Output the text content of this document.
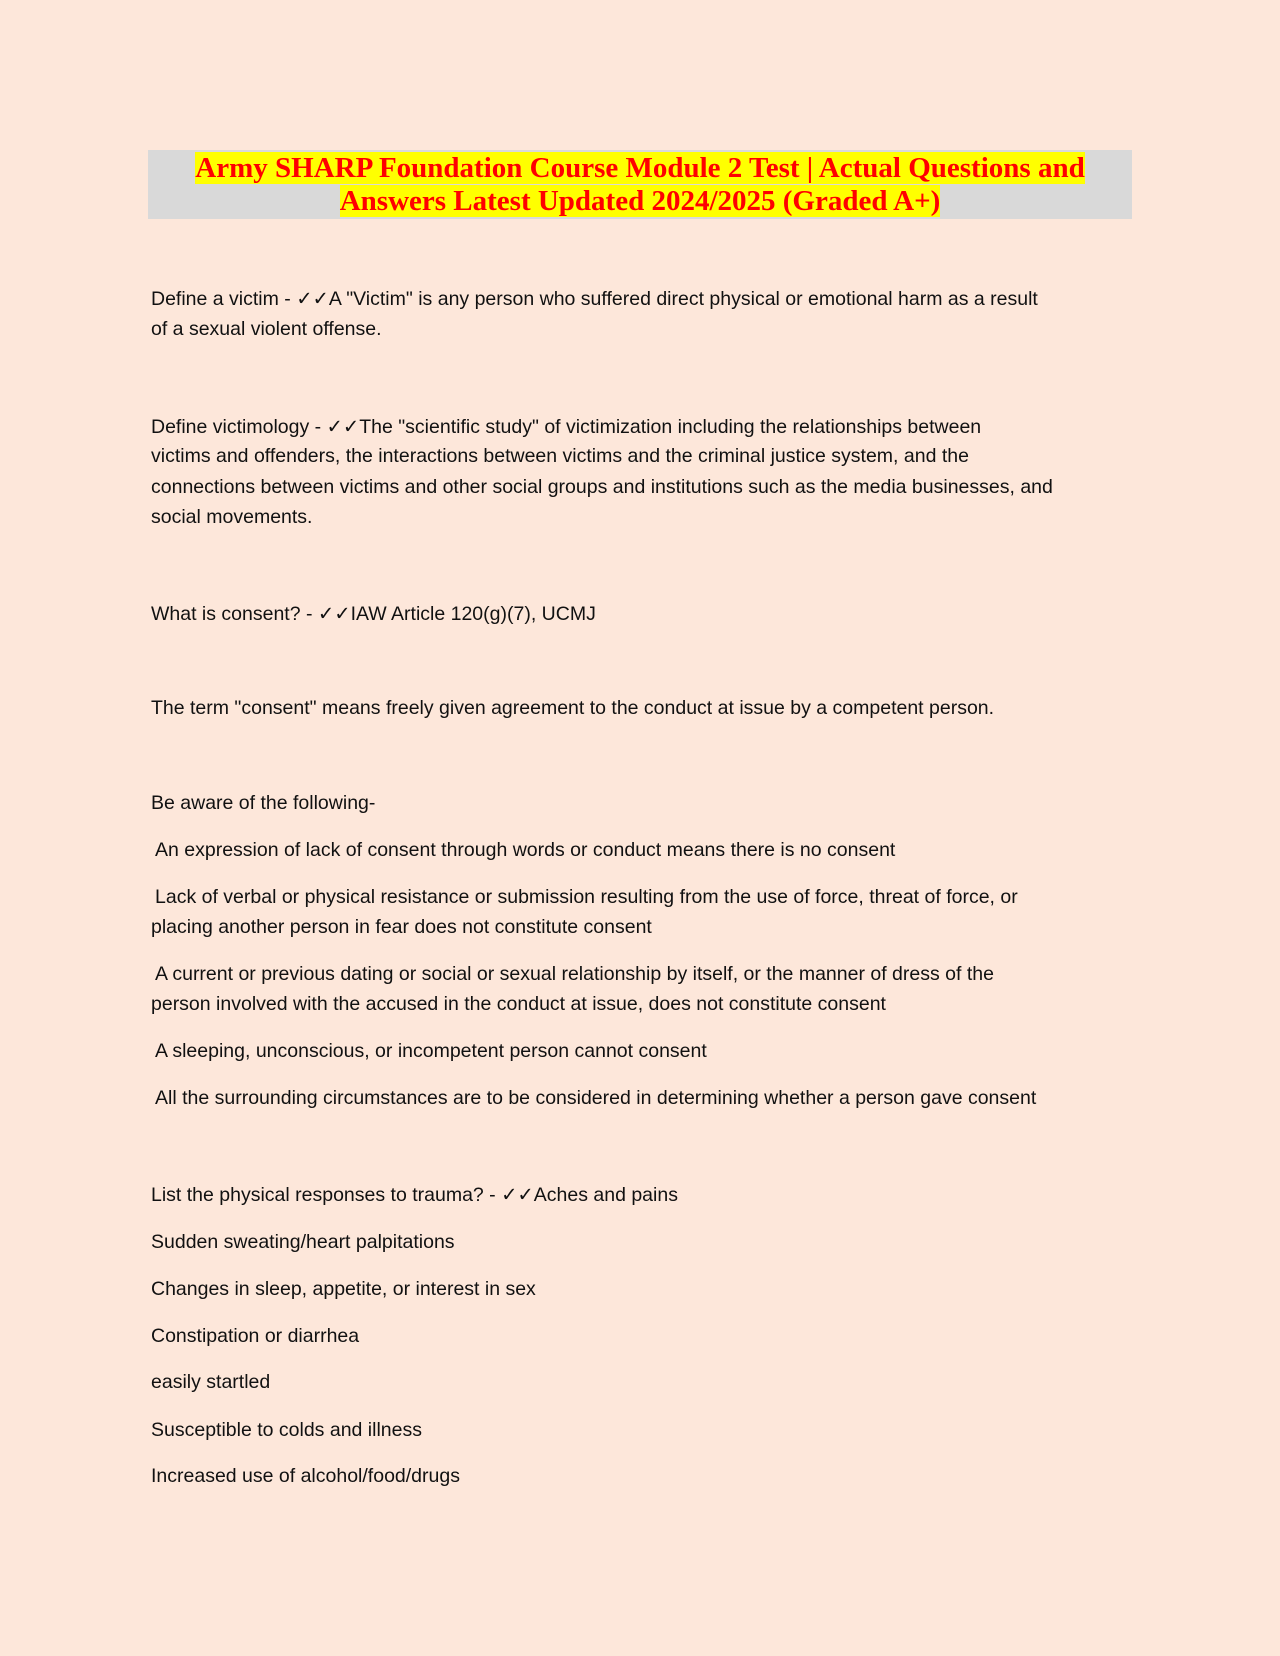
Army SHARP Foundation Course Module 2 Test | Actual Questions and
Answers Latest Updated 2024/2025 (Graded A+)
Define a victim - ✓✓A "Victim" is any person who suffered direct physical or emotional harm as a result
of a sexual violent offense.
Define victimology - ✓✓The "scientific study" of victimization including the relationships between
victims and offenders, the interactions between victims and the criminal justice system, and the
connections between victims and other social groups and institutions such as the media businesses, and
social movements.
What is consent? - ✓✓IAW Article 120(g)(7), UCMJ
The term "consent" means freely given agreement to the conduct at issue by a competent person.
Be aware of the following-
An expression of lack of consent through words or conduct means there is no consent
Lack of verbal or physical resistance or submission resulting from the use of force, threat of force, or
placing another person in fear does not constitute consent
A current or previous dating or social or sexual relationship by itself, or the manner of dress of the
person involved with the accused in the conduct at issue, does not constitute consent
A sleeping, unconscious, or incompetent person cannot consent
All the surrounding circumstances are to be considered in determining whether a person gave consent
List the physical responses to trauma? - ✓✓Aches and pains
Sudden sweating/heart palpitations
Changes in sleep, appetite, or interest in sex
Constipation or diarrhea
easily startled
Susceptible to colds and illness
Increased use of alcohol/food/drugs
